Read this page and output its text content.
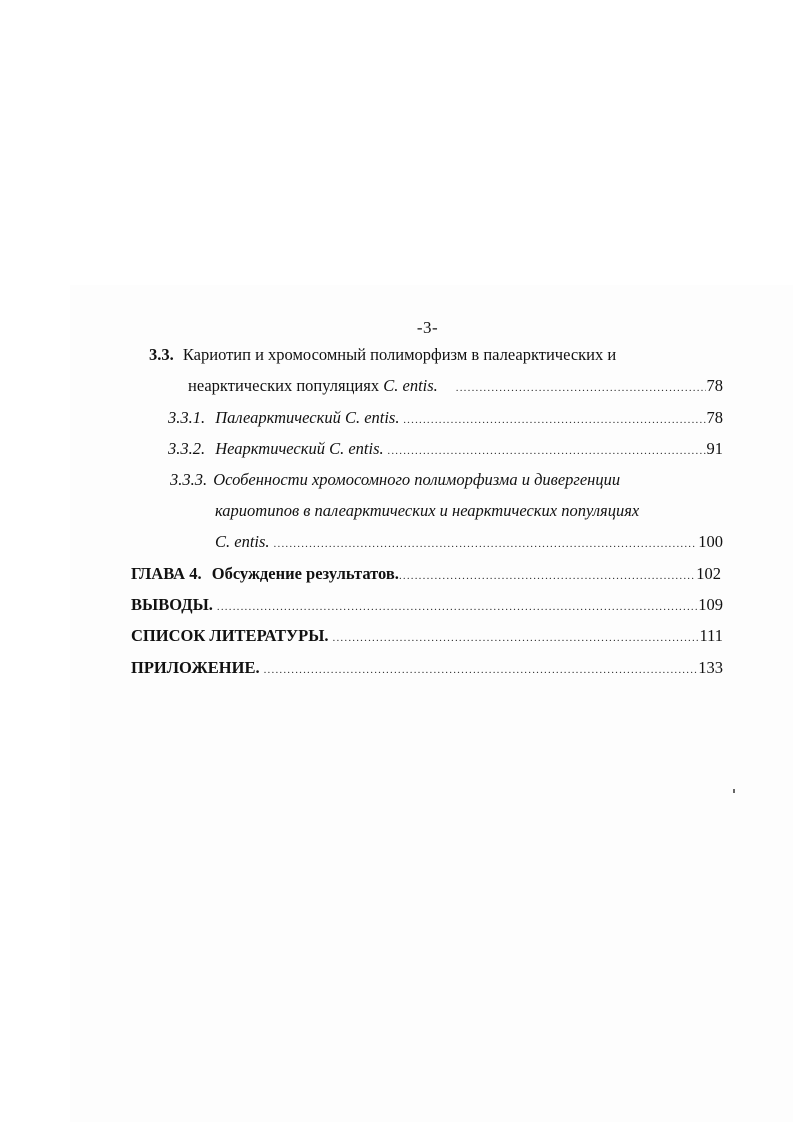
-3-
3.3. Кариотип и хромосомный полиморфизм в палеарктических и
неарктических популяциях C. entis. .....	78
3.3.1. Палеарктический C. entis. .....	78
3.3.2. Неарктический C. entis. .....	91
3.3.3. Особенности хромосомного полиморфизма и дивергенции
кариотипов в палеарктических и неарктических популяциях
C. entis. .....	100
ГЛАВА 4. Обсуждение результатов. .....	102
ВЫВОДЫ. .....	109
СПИСОК ЛИТЕРАТУРЫ. .....	111
ПРИЛОЖЕНИЕ. .....	133
